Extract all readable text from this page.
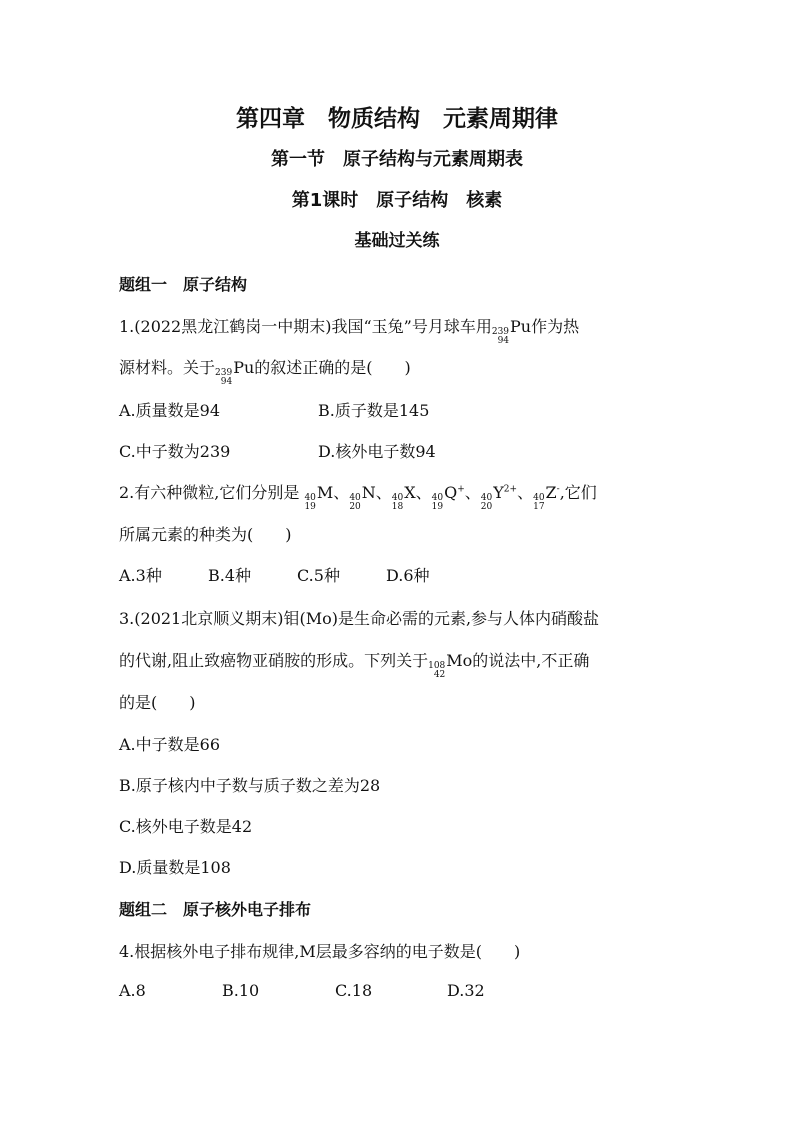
第四章　物质结构　元素周期律
第一节　原子结构与元素周期表
第1课时　原子结构　核素
基础过关练
题组一　原子结构
1.(2022黑龙江鹤岗一中期末)我国“玉兔”号月球车用 239
94
Pu作为热
源材料。关于 239
94
Pu的叙述正确的是(　　)
A.质量数是94	B.质子数是145
C.中子数为239	D.核外电子数94
2.有六种微粒,它们分别是 40
19
M、 40
20
N、 40
18
X、 40
19
Q+、 40
20
$Y^{2+}$、 40
17
Z-,它们
所属元素的种类为(　　)
A.3种	B.4种	C.5种	D.6种
3.(2021北京顺义期末)钼(Mo)是生命必需的元素,参与人体内硝酸盐
的代谢,阻止致癌物亚硝胺的形成。下列关于 108
42
Mo的说法中,不正确
的是(　　)
A.中子数是66
B.原子核内中子数与质子数之差为28
C.核外电子数是42
D.质量数是108
题组二　原子核外电子排布
4.根据核外电子排布规律,M层最多容纳的电子数是(　　)
A.8	B.10	C.18	D.32
